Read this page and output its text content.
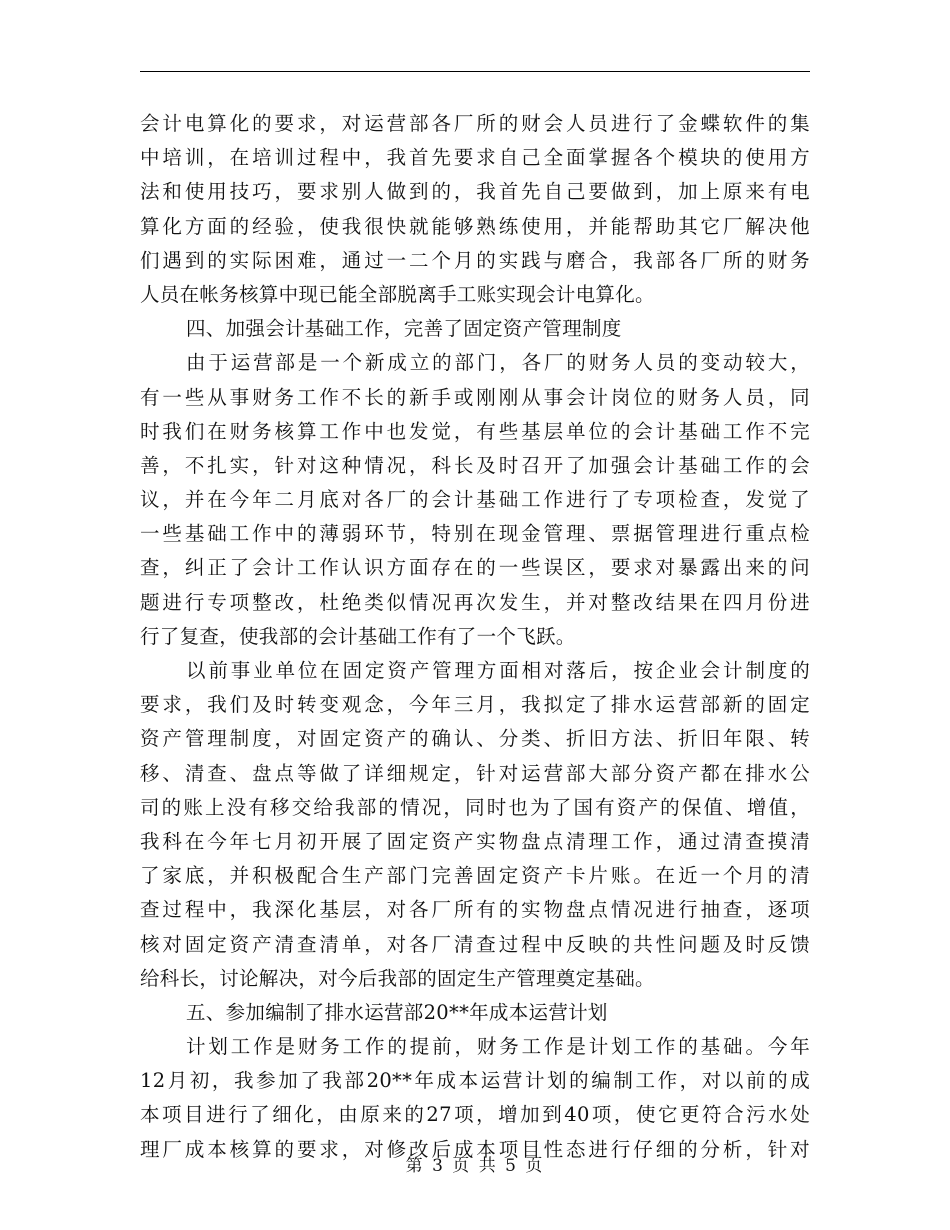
会计电算化的要求，对运营部各厂所的财会人员进行了金蝶软件的集
中培训，在培训过程中，我首先要求自己全面掌握各个模块的使用方
法和使用技巧，要求别人做到的，我首先自己要做到，加上原来有电
算化方面的经验，使我很快就能够熟练使用，并能帮助其它厂解决他
们遇到的实际困难，通过一二个月的实践与磨合，我部各厂所的财务
人员在帐务核算中现已能全部脱离手工账实现会计电算化。
四、加强会计基础工作，完善了固定资产管理制度
由于运营部是一个新成立的部门，各厂的财务人员的变动较大，
有一些从事财务工作不长的新手或刚刚从事会计岗位的财务人员，同
时我们在财务核算工作中也发觉，有些基层单位的会计基础工作不完
善，不扎实，针对这种情况，科长及时召开了加强会计基础工作的会
议，并在今年二月底对各厂的会计基础工作进行了专项检查，发觉了
一些基础工作中的薄弱环节，特别在现金管理、票据管理进行重点检
查，纠正了会计工作认识方面存在的一些误区，要求对暴露出来的问
题进行专项整改，杜绝类似情况再次发生，并对整改结果在四月份进
行了复查，使我部的会计基础工作有了一个飞跃。
以前事业单位在固定资产管理方面相对落后，按企业会计制度的
要求，我们及时转变观念，今年三月，我拟定了排水运营部新的固定
资产管理制度，对固定资产的确认、分类、折旧方法、折旧年限、转
移、清查、盘点等做了详细规定，针对运营部大部分资产都在排水公
司的账上没有移交给我部的情况，同时也为了国有资产的保值、增值，
我科在今年七月初开展了固定资产实物盘点清理工作，通过清查摸清
了家底，并积极配合生产部门完善固定资产卡片账。在近一个月的清
查过程中，我深化基层，对各厂所有的实物盘点情况进行抽查，逐项
核对固定资产清查清单，对各厂清查过程中反映的共性问题及时反馈
给科长，讨论解决，对今后我部的固定生产管理奠定基础。
五、参加编制了排水运营部20**年成本运营计划
计划工作是财务工作的提前，财务工作是计划工作的基础。今年
12月初，我参加了我部20**年成本运营计划的编制工作，对以前的成
本项目进行了细化，由原来的27项，增加到40项，使它更符合污水处
理厂成本核算的要求，对修改后成本项目性态进行仔细的分析，针对
第 3 页 共 5 页
